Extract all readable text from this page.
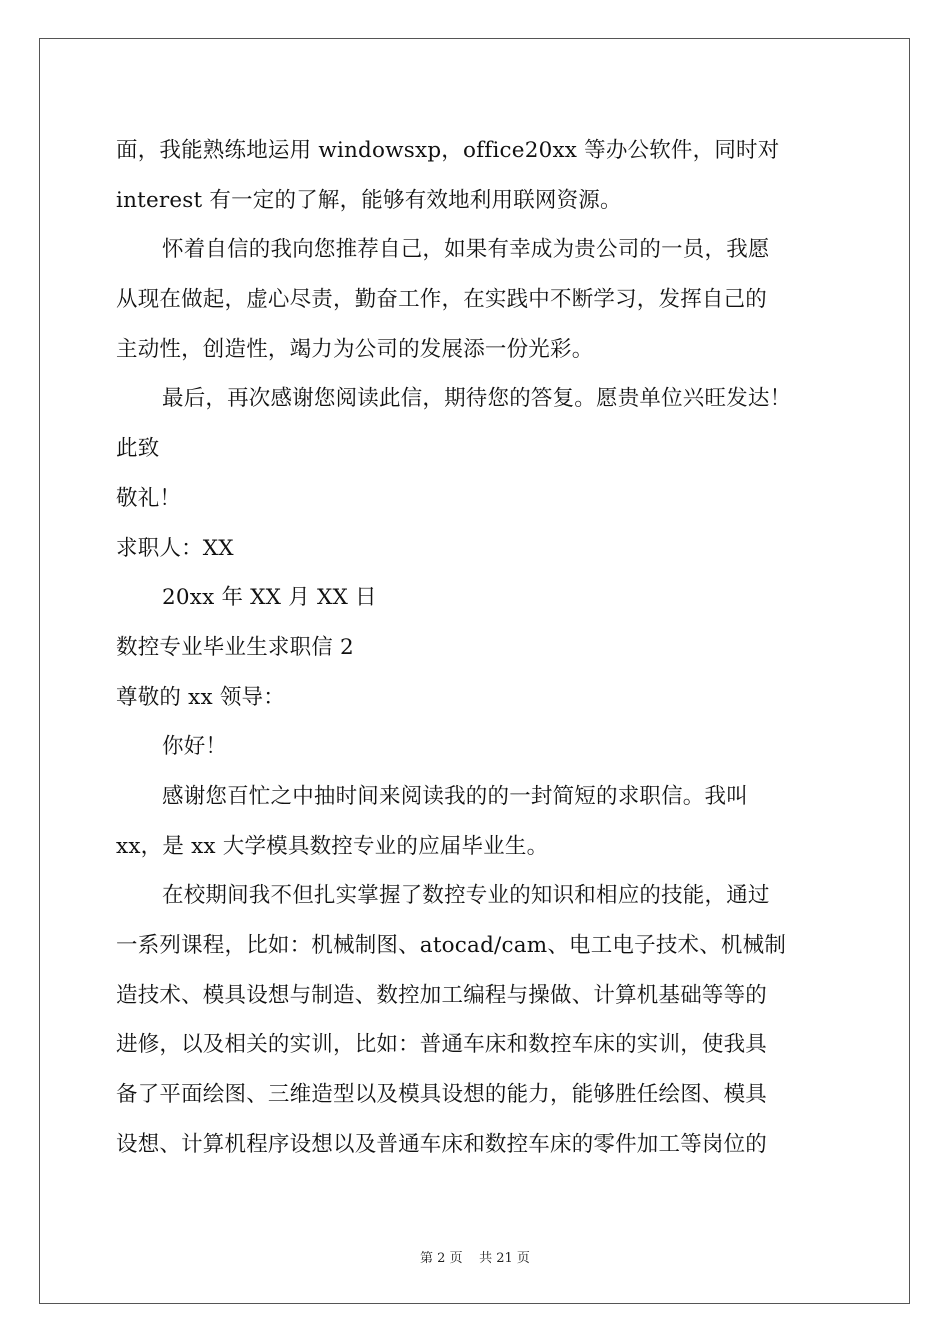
面，我能熟练地运用 windowsxp，office20xx 等办公软件，同时对
interest 有一定的了解，能够有效地利用联网资源。
怀着自信的我向您推荐自己，如果有幸成为贵公司的一员，我愿
从现在做起，虚心尽责，勤奋工作，在实践中不断学习，发挥自己的
主动性，创造性，竭力为公司的发展添一份光彩。
最后，再次感谢您阅读此信，期待您的答复。愿贵单位兴旺发达！
此致
敬礼！
求职人：XX
20xx 年 XX 月 XX 日
数控专业毕业生求职信 2
尊敬的 xx 领导：
你好！
感谢您百忙之中抽时间来阅读我的的一封简短的求职信。我叫
xx，是 xx 大学模具数控专业的应届毕业生。
在校期间我不但扎实掌握了数控专业的知识和相应的技能，通过
一系列课程，比如：机械制图、atocad/cam、电工电子技术、机械制
造技术、模具设想与制造、数控加工编程与操做、计算机基础等等的
进修，以及相关的实训，比如：普通车床和数控车床的实训，使我具
备了平面绘图、三维造型以及模具设想的能力，能够胜任绘图、模具
设想、计算机程序设想以及普通车床和数控车床的零件加工等岗位的
第 2 页 共 21 页
